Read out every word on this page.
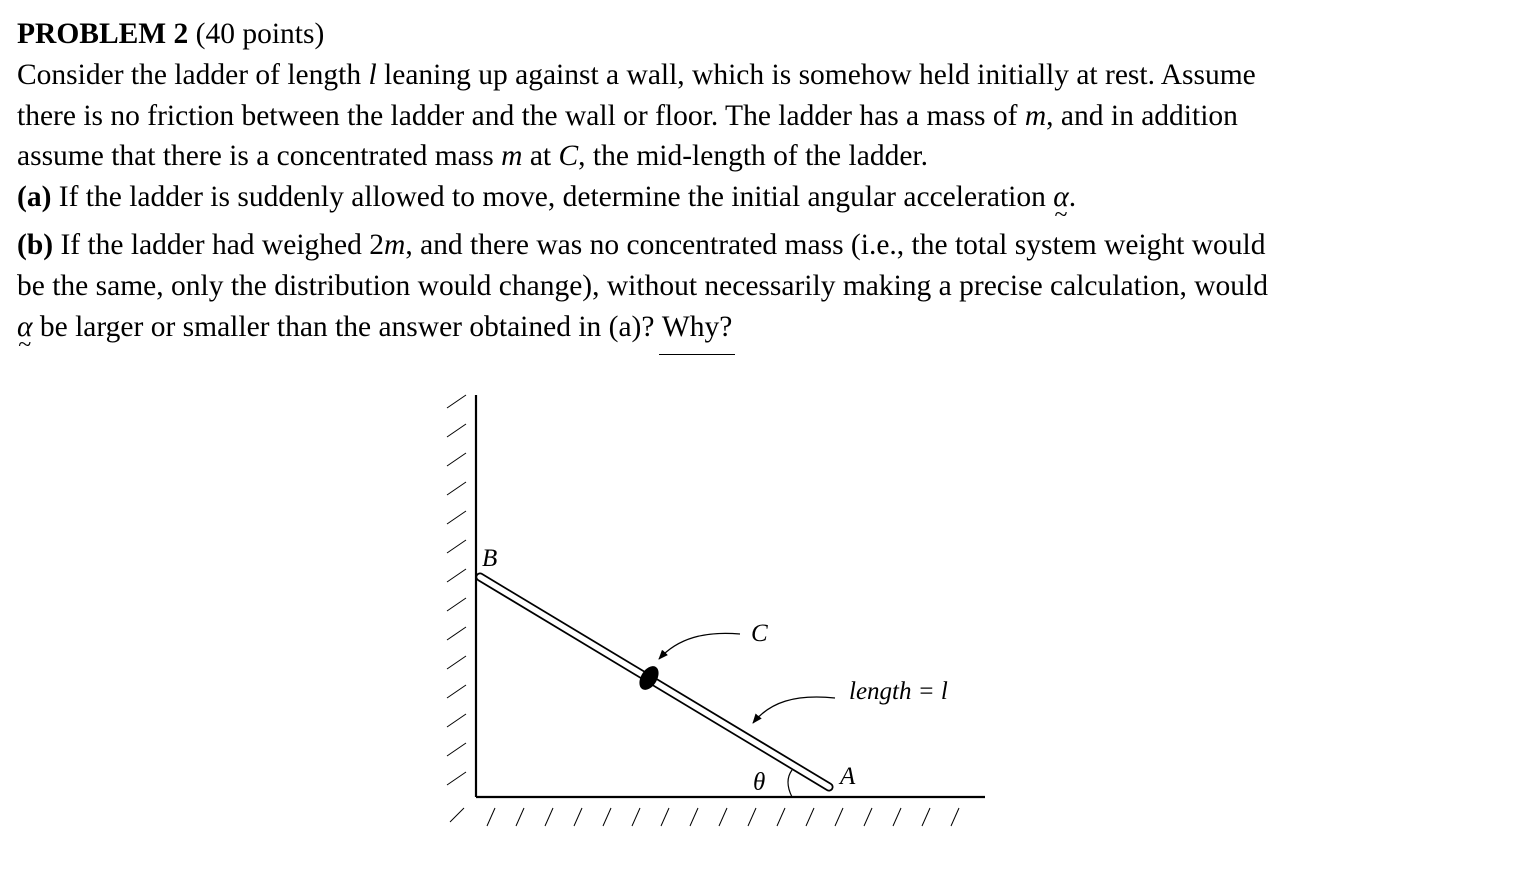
PROBLEM 2 (40 points)
Consider the ladder of length l leaning up against a wall, which is somehow held initially at rest. Assume
there is no friction between the ladder and the wall or floor. The ladder has a mass of m, and in addition
assume that there is a concentrated mass m at C, the mid-length of the ladder.
(a) If the ladder is suddenly allowed to move, determine the initial angular acceleration α ~.
(b) If the ladder had weighed 2m, and there was no concentrated mass (i.e., the total system weight would
be the same, only the distribution would change), without necessarily making a precise calculation, would
α ~ be larger or smaller than the answer obtained in (a)? Why?
B
C
length = l
θ	A
